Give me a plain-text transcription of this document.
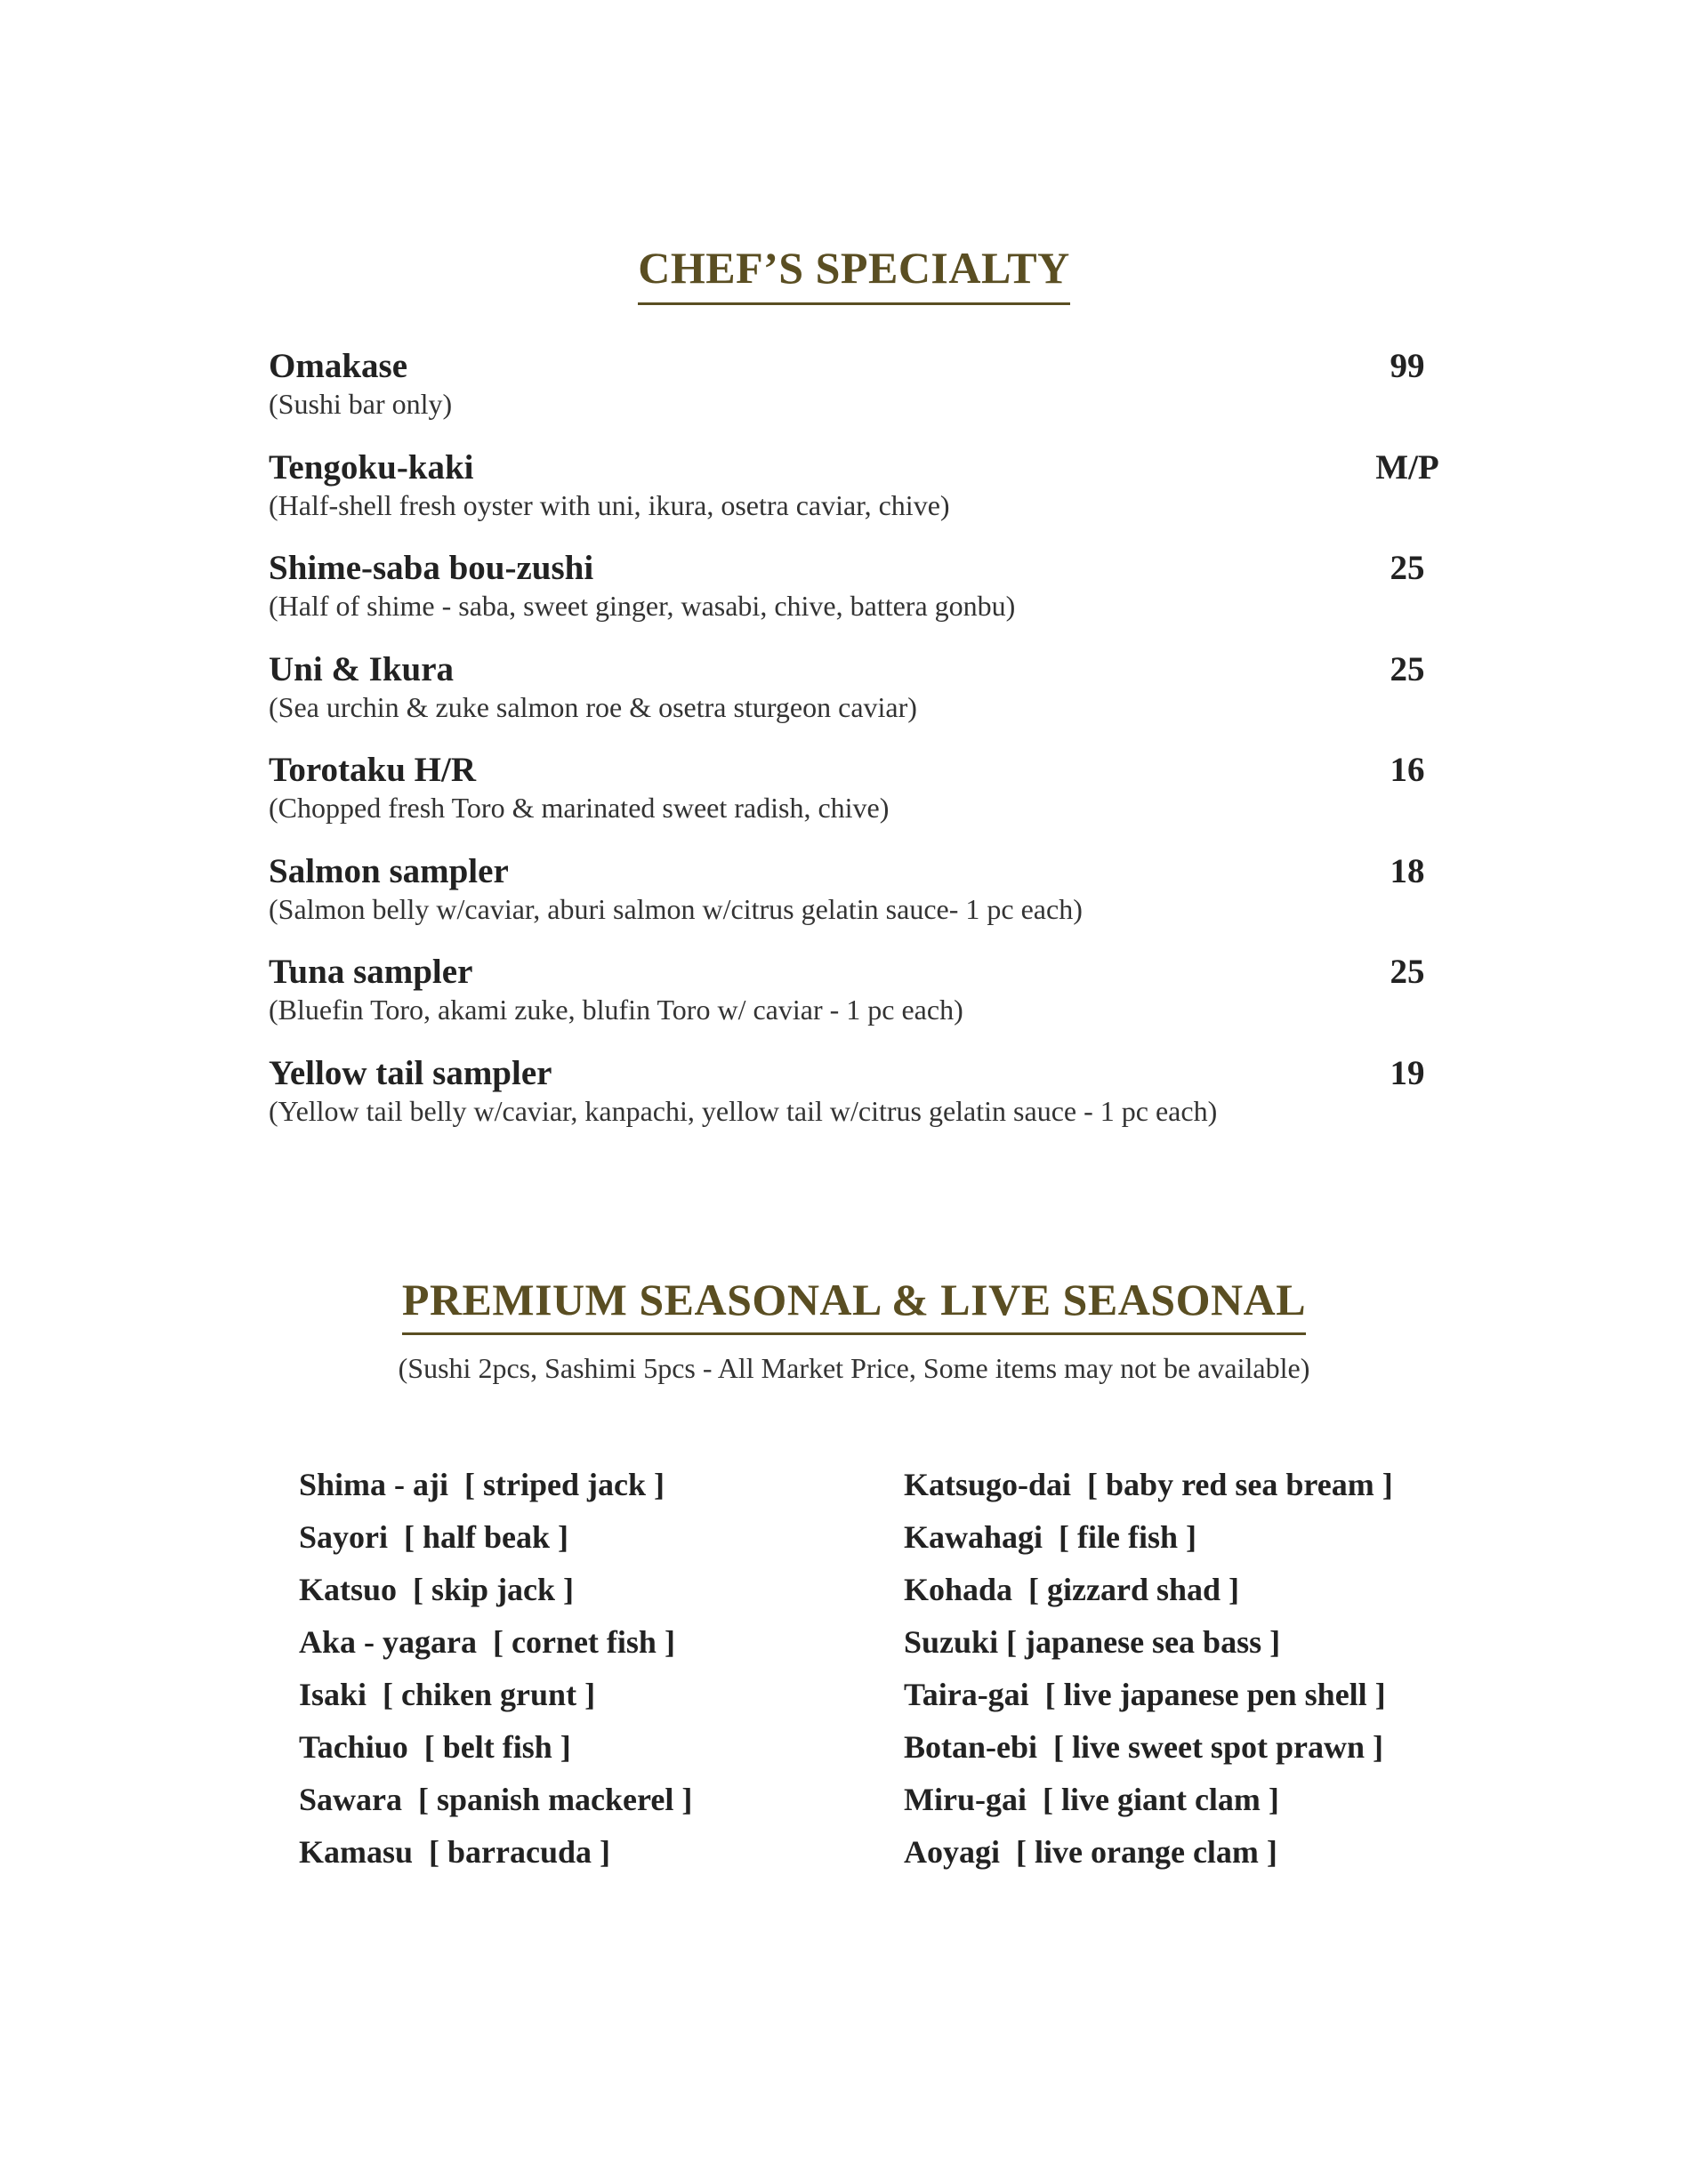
CHEF’S SPECIALTY
Omakase	99
(Sushi bar only)
Tengoku-kaki	M/P
(Half-shell fresh oyster with uni, ikura, osetra caviar, chive)
Shime-saba bou-zushi	25
(Half of shime - saba, sweet ginger, wasabi, chive, battera gonbu)
Uni & Ikura	25
(Sea urchin & zuke salmon roe & osetra sturgeon caviar)
Torotaku H/R	16
(Chopped fresh Toro & marinated sweet radish, chive)
Salmon sampler	18
(Salmon belly w/caviar, aburi salmon w/citrus gelatin sauce- 1 pc each)
Tuna sampler	25
(Bluefin Toro, akami zuke, blufin Toro w/ caviar - 1 pc each)
Yellow tail sampler	19
(Yellow tail belly w/caviar, kanpachi, yellow tail w/citrus gelatin sauce - 1 pc each)
PREMIUM SEASONAL & LIVE SEASONAL
(Sushi 2pcs, Sashimi 5pcs - All Market Price, Some items may not be available)
Shima - aji  [ striped jack ]
Sayori  [ half beak ]
Katsuo  [ skip jack ]
Aka - yagara  [ cornet fish ]
Isaki  [ chiken grunt ]
Tachiuo  [ belt fish ]
Sawara  [ spanish mackerel ]
Kamasu  [ barracuda ]
Katsugo-dai  [ baby red sea bream ]
Kawahagi  [ file fish ]
Kohada  [ gizzard shad ]
Suzuki [ japanese sea bass ]
Taira-gai  [ live japanese pen shell ]
Botan-ebi  [ live sweet spot prawn ]
Miru-gai  [ live giant clam ]
Aoyagi  [ live orange clam ]
